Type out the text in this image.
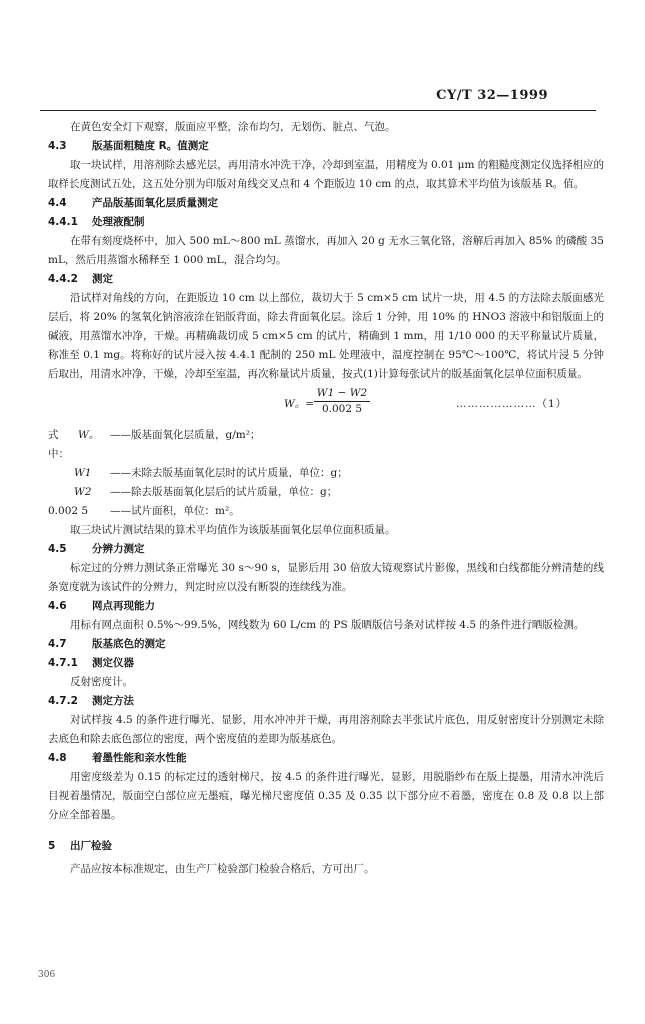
CY/T 32—1999

在黄色安全灯下观察，版面应平整，涂布均匀，无划伤、脏点、气泡。

4.3 版基面粗糙度 R。值测定

取一块试样，用溶剂除去感光层，再用清水冲洗干净，冷却到室温，用精度为 0.01 μm 的粗糙度测定仪选择相应的取样长度测试五处，这五处分别为印版对角线交叉点和 4 个距版边 10 cm 的点，取其算术平均值为该版基 R。值。

4.4 产品版基面氧化层质量测定

4.4.1 处理液配制

在带有刻度烧杯中，加入 500 mL～800 mL 蒸馏水，再加入 20 g 无水三氧化铬，溶解后再加入 85% 的磷酸 35 mL，然后用蒸馏水稀释至 1 000 mL，混合均匀。

4.4.2 测定

沿试样对角线的方向，在距版边 10 cm 以上部位，裁切大于 5 cm×5 cm 试片一块，用 4.5 的方法除去版面感光层后，将 20% 的氢氧化钠溶液涂在铝版背面，除去背面氧化层。涂后 1 分钟，用 10% 的 HNO3 溶液中和铝版面上的碱液，用蒸馏水冲净，干燥。再精确裁切成 5 cm×5 cm 的试片，精确到 1 mm，用 1/10 000 的天平称量试片质量，称准至 0.1 mg。将称好的试片浸入按 4.4.1 配制的 250 mL 处理液中，温度控制在 95℃～100℃，将试片浸 5 分钟后取出，用清水冲净，干燥，冷却至室温，再次称量试片质量，按式(1)计算每张试片的版基面氧化层单位面积质量。

W。= $\frac{W1 - W2}{0.002 5}$	…………………（1）
式中：
W。	——版基面氧化层质量，g/m²；
W1	——未除去版基面氧化层时的试片质量，单位：g；
W2	——除去版基面氧化层后的试片质量，单位：g；
0.002 5	——试片面积，单位：m²。

取三块试片测试结果的算术平均值作为该版基面氧化层单位面积质量。

4.5 分辨力测定

标定过的分辨力测试条正常曝光 30 s～90 s，显影后用 30 倍放大镜观察试片影像，黑线和白线都能分辨清楚的线条宽度就为该试件的分辨力，判定时应以没有断裂的连续线为准。

4.6 网点再现能力

用标有网点面积 0.5%～99.5%，网线数为 60 L/cm 的 PS 版晒版信号条对试样按 4.5 的条件进行晒版检测。

4.7 版基底色的测定

4.7.1 测定仪器

反射密度计。

4.7.2 测定方法

对试样按 4.5 的条件进行曝光、显影，用水冲冲并干燥，再用溶剂除去半张试片底色，用反射密度计分别测定未除去底色和除去底色部位的密度，两个密度值的差即为版基底色。

4.8 着墨性能和亲水性能

用密度级差为 0.15 的标定过的透射梯尺，按 4.5 的条件进行曝光、显影，用脱脂纱布在版上提墨，用清水冲洗后目视着墨情况，版面空白部位应无墨痕，曝光梯尺密度值 0.35 及 0.35 以下部分应不着墨，密度在 0.8 及 0.8 以上部分应全部着墨。

5 出厂检验

产品应按本标准规定，由生产厂检验部门检验合格后，方可出厂。

306
